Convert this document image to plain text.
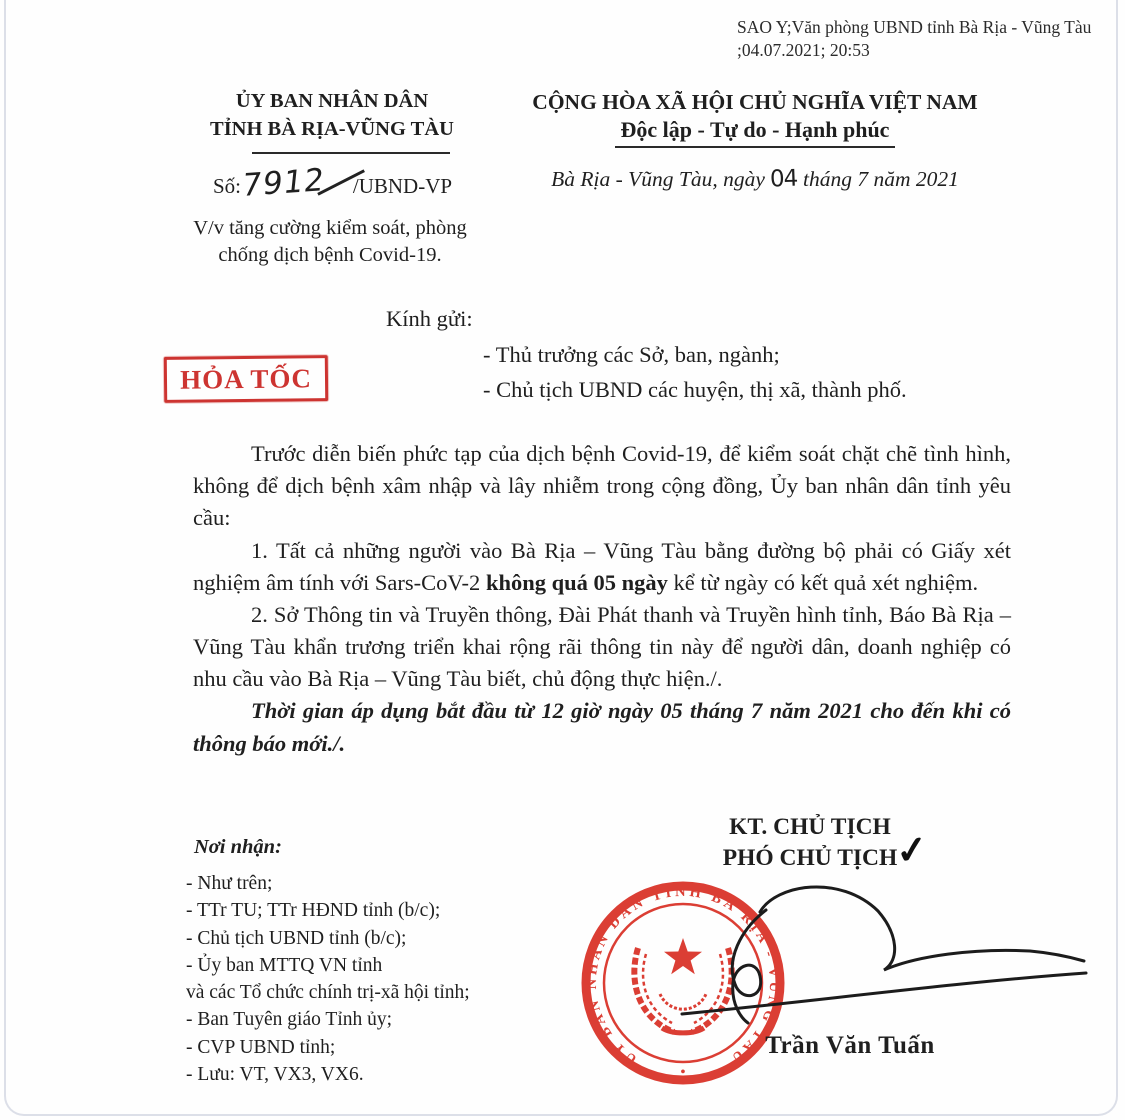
SAO Y;Văn phòng UBND tỉnh Bà Rịa - Vũng Tàu
;04.07.2021; 20:53
ỦY BAN NHÂN DÂN
TỈNH BÀ RỊA-VŨNG TÀU
CỘNG HÒA XÃ HỘI CHỦ NGHĨA VIỆT NAM
Độc lập - Tự do - Hạnh phúc
Số: 7912 /UBND-VP	Bà Rịa - Vũng Tàu, ngày 04 tháng 7 năm 2021
V/v tăng cường kiểm soát, phòng
chống dịch bệnh Covid-19.
Kính gửi:
- Thủ trưởng các Sở, ban, ngành;
- Chủ tịch UBND các huyện, thị xã, thành phố.
HỎA TỐC

Trước diễn biến phức tạp của dịch bệnh Covid-19, để kiểm soát chặt chẽ tình hình, không để dịch bệnh xâm nhập và lây nhiễm trong cộng đồng, Ủy ban nhân dân tỉnh yêu cầu:

1. Tất cả những người vào Bà Rịa – Vũng Tàu bằng đường bộ phải có Giấy xét nghiệm âm tính với Sars-CoV-2 không quá 05 ngày kể từ ngày có kết quả xét nghiệm.

2. Sở Thông tin và Truyền thông, Đài Phát thanh và Truyền hình tỉnh, Báo Bà Rịa – Vũng Tàu khẩn trương triển khai rộng rãi thông tin này để người dân, doanh nghiệp có nhu cầu vào Bà Rịa – Vũng Tàu biết, chủ động thực hiện./.

Thời gian áp dụng bắt đầu từ 12 giờ ngày 05 tháng 7 năm 2021 cho đến khi có thông báo mới./.

Nơi nhận:
- Như trên;
- TTr TU; TTr HĐND tỉnh (b/c);
- Chủ tịch UBND tỉnh (b/c);
- Ủy ban MTTQ VN tỉnh
và các Tổ chức chính trị-xã hội tỉnh;
- Ban Tuyên giáo Tỉnh ủy;
- CVP UBND tỉnh;
- Lưu: VT, VX3, VX6.
KT. CHỦ TỊCH
PHÓ CHỦ TỊCH
✓
ỦY BAN NHÂN DÂN TỈNH BÀ RỊA - VŨNG TÀU
•
Trần Văn Tuấn
